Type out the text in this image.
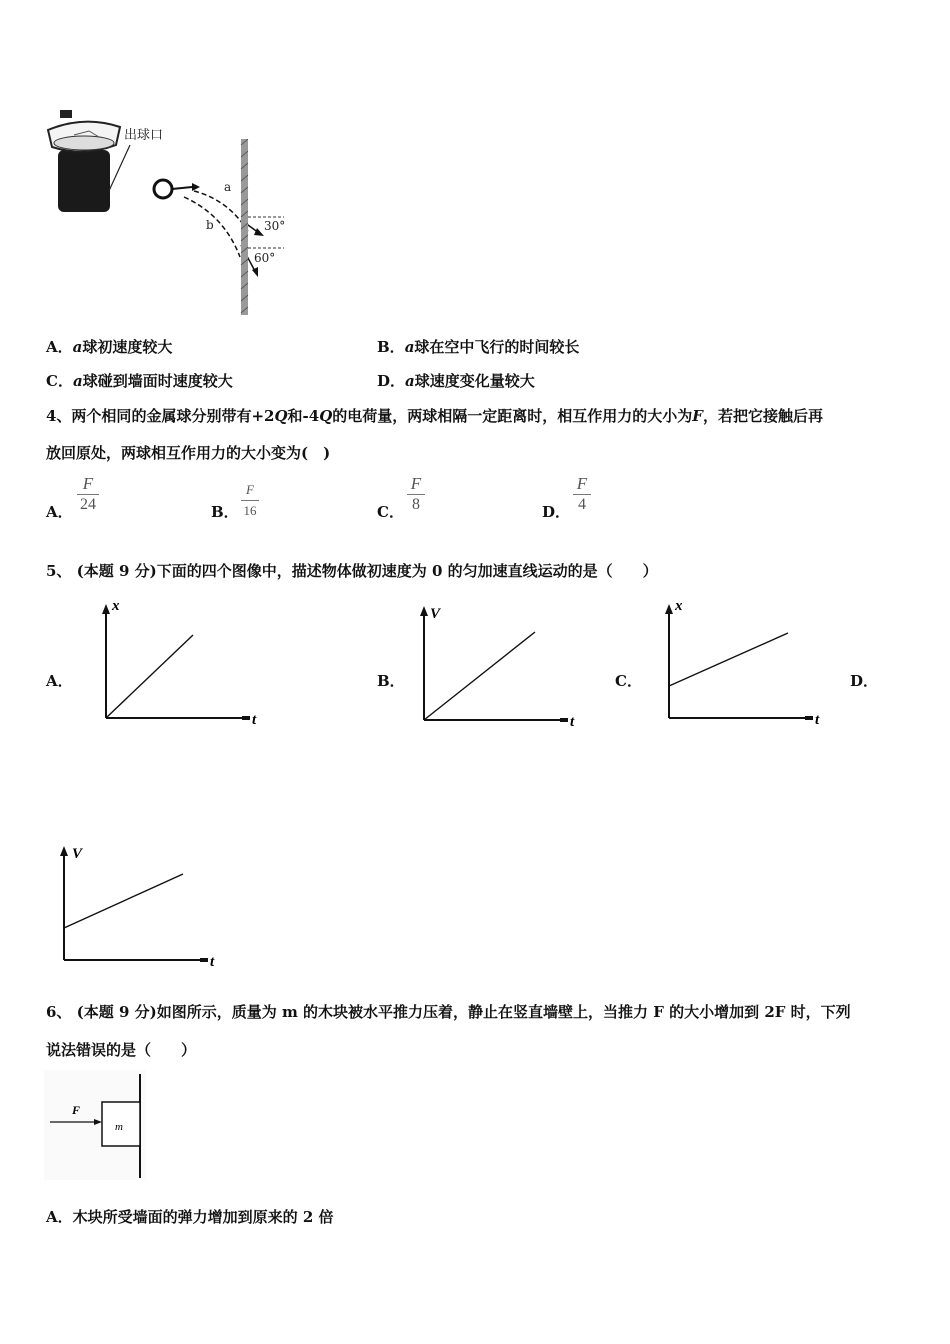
出球口
a
b	30°
60°
A．a球初速度较大	B．a球在空中飞行的时间较长
C．a球碰到墙面时速度较大	D．a球速度变化量较大
4、两个相同的金属球分别带有+2Q和-4Q的电荷量，两球相隔一定距离时，相互作用力的大小为F，若把它接触后再
放回原处，两球相互作用力的大小变为(　)
A．
F
24	B．
F
16	C．
F
8	D．
F
4
5、 (本题 9 分)下面的四个图像中，描述物体做初速度为 0 的匀加速直线运动的是（　　）
A．
x
t
B．
V
t
C．
x
t
D．
V
t
6、 (本题 9 分)如图所示，质量为 m 的木块被水平推力压着，静止在竖直墙壁上，当推力 F 的大小增加到 2F 时，下列
说法错误的是（　　）
F
m
A．木块所受墙面的弹力增加到原来的 2 倍
